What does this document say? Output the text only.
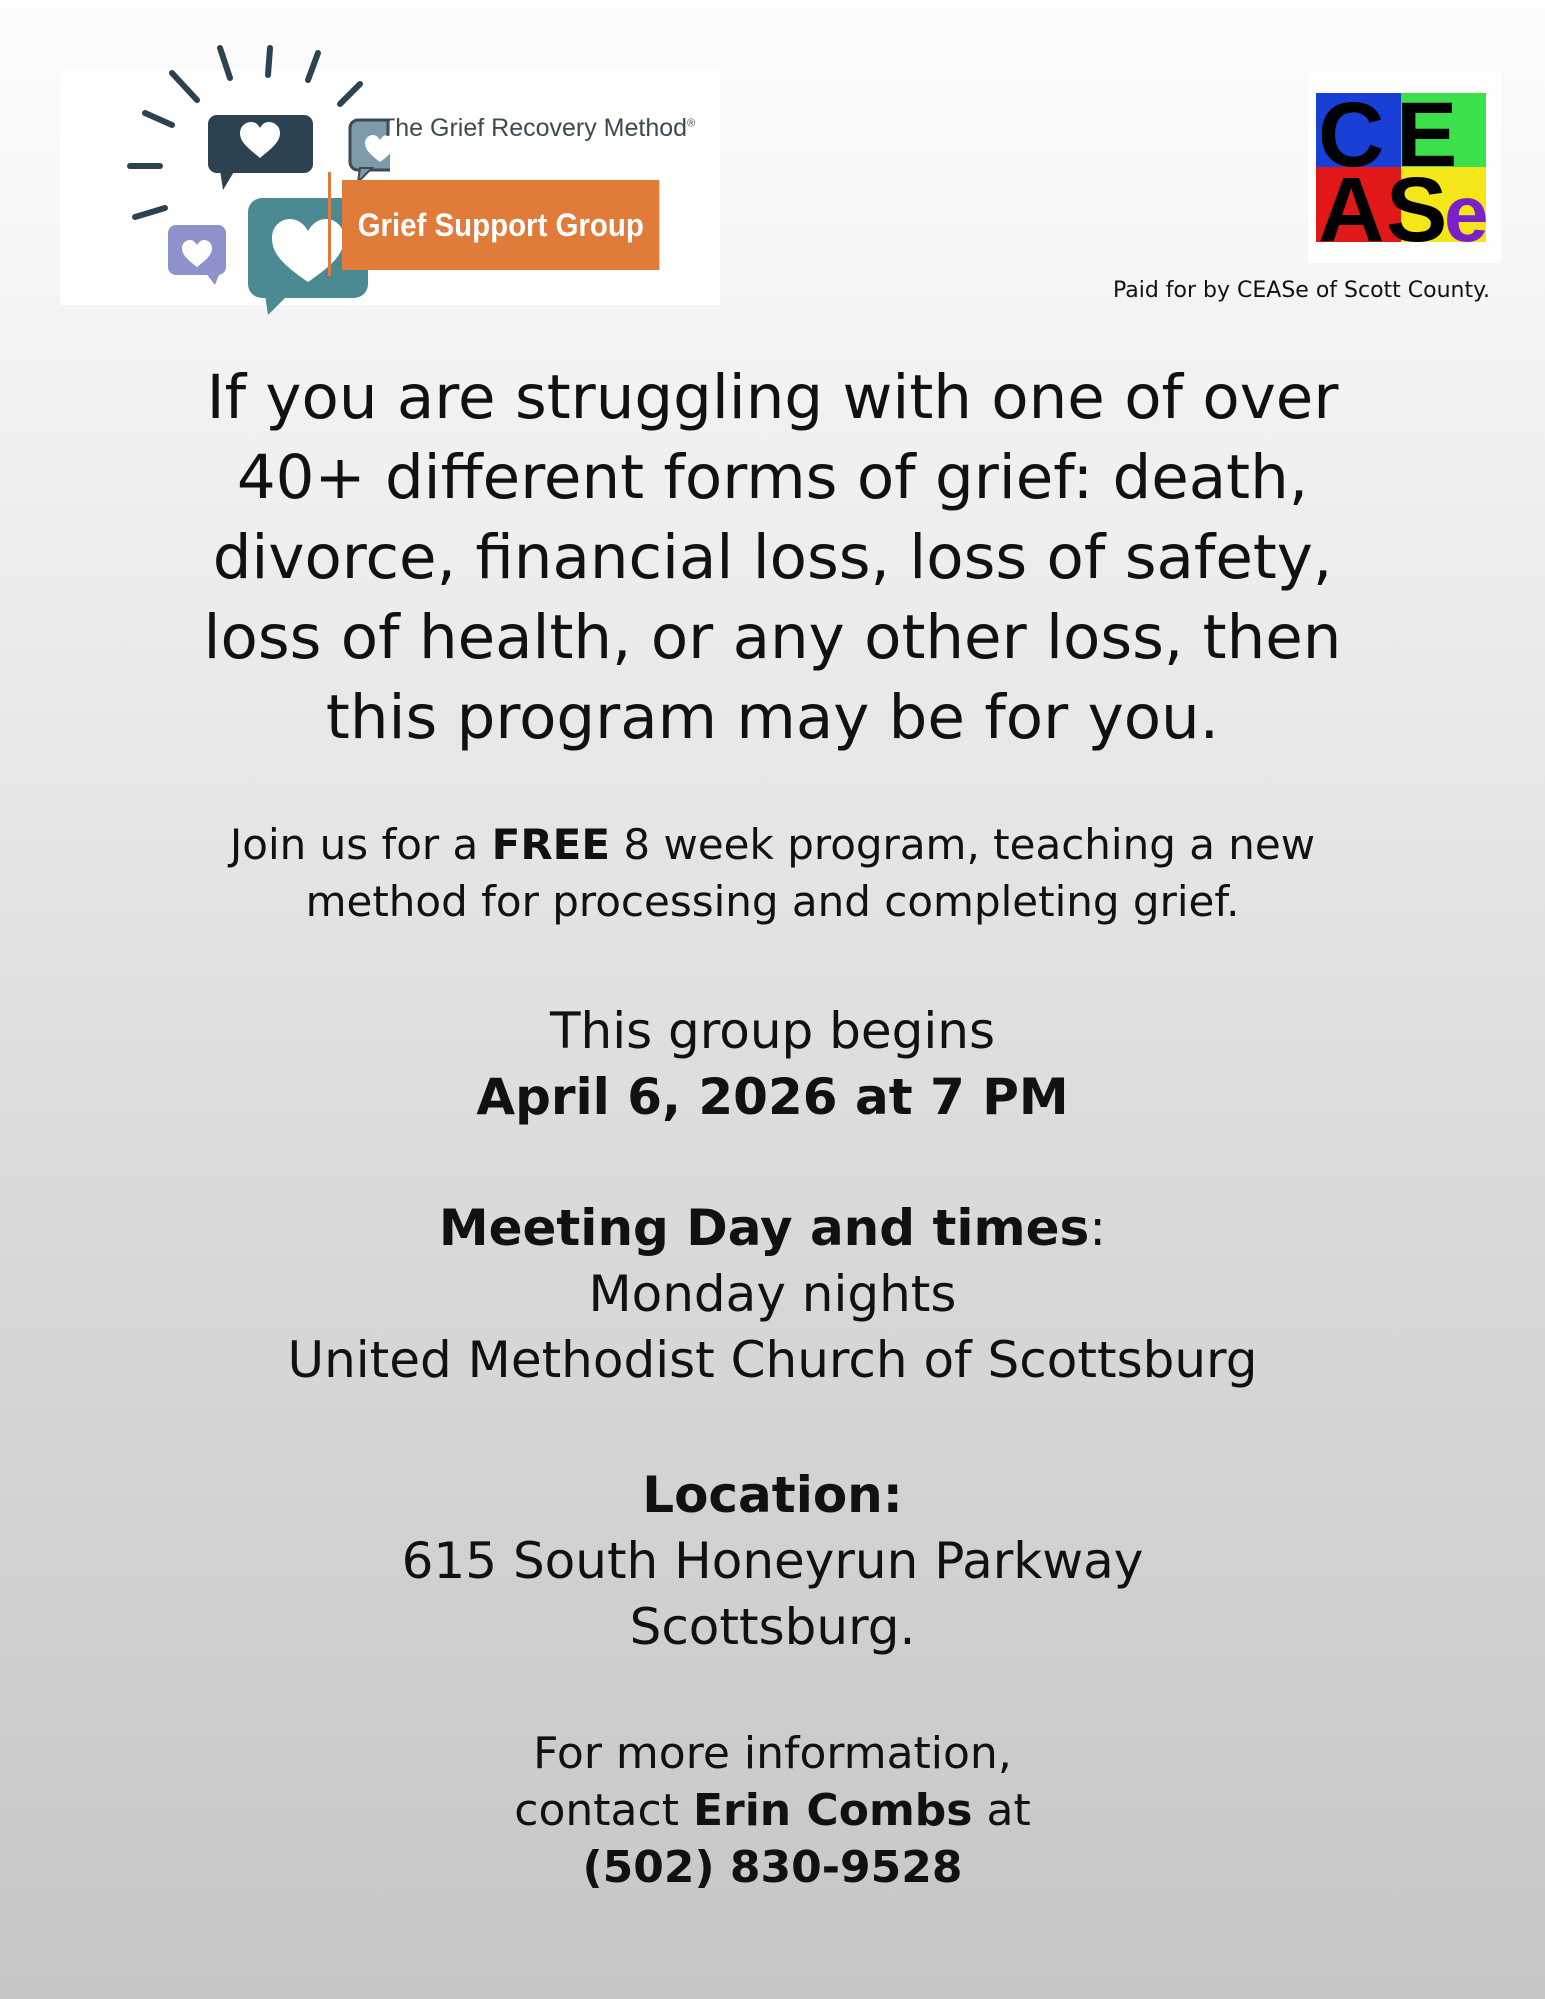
The Grief Recovery Method®
Grief Support Group
C E
A S
e
Paid for by CEASe of Scott County.
If you are struggling with one of over 40+ different forms of grief: death, divorce, financial loss, loss of safety, loss of health, or any other loss, then this program may be for you.
Join us for a FREE 8 week program, teaching a new method for processing and completing grief.
This group begins
April 6, 2026 at 7 PM
Meeting Day and times:
Monday nights
United Methodist Church of Scottsburg
Location:
615 South Honeyrun Parkway
Scottsburg.
For more information,
contact Erin Combs at
(502) 830-9528
